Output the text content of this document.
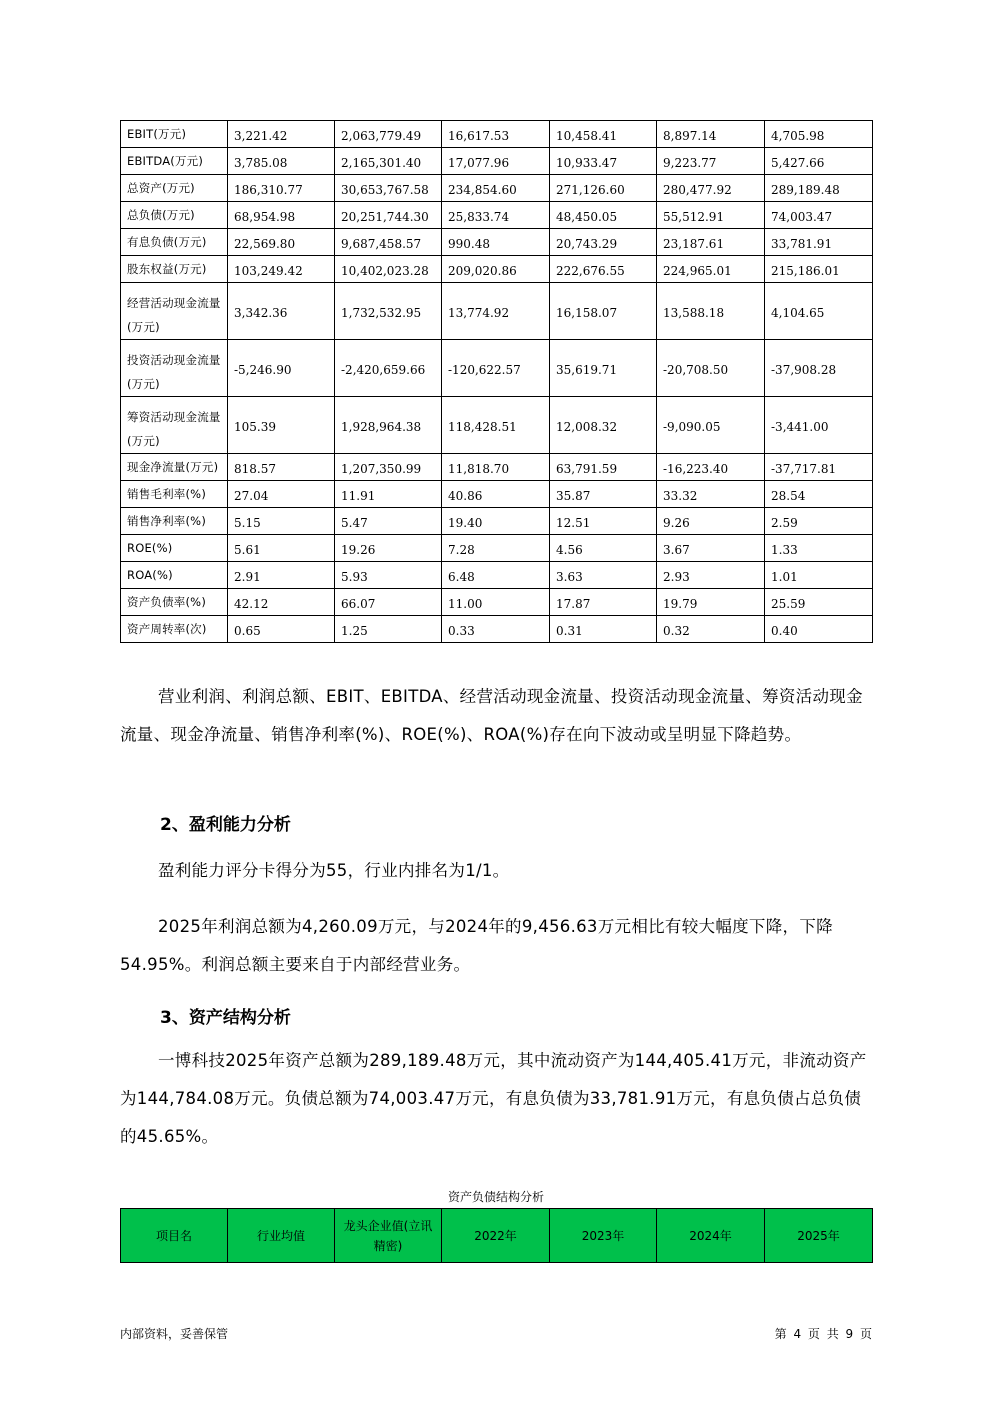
EBIT(万元)	3,221.42	2,063,779.49	16,617.53	10,458.41	8,897.14	4,705.98
EBITDA(万元)	3,785.08	2,165,301.40	17,077.96	10,933.47	9,223.77	5,427.66
总资产(万元)	186,310.77	30,653,767.58	234,854.60	271,126.60	280,477.92	289,189.48
总负债(万元)	68,954.98	20,251,744.30	25,833.74	48,450.05	55,512.91	74,003.47
有息负债(万元)	22,569.80	9,687,458.57	990.48	20,743.29	23,187.61	33,781.91
股东权益(万元)	103,249.42	10,402,023.28	209,020.86	222,676.55	224,965.01	215,186.01
经营活动现金流量(万元)	3,342.36	1,732,532.95	13,774.92	16,158.07	13,588.18	4,104.65
投资活动现金流量(万元)	-5,246.90	-2,420,659.66	-120,622.57	35,619.71	-20,708.50	-37,908.28
筹资活动现金流量(万元)	105.39	1,928,964.38	118,428.51	12,008.32	-9,090.05	-3,441.00
现金净流量(万元)	818.57	1,207,350.99	11,818.70	63,791.59	-16,223.40	-37,717.81
销售毛利率(%)	27.04	11.91	40.86	35.87	33.32	28.54
销售净利率(%)	5.15	5.47	19.40	12.51	9.26	2.59
ROE(%)	5.61	19.26	7.28	4.56	3.67	1.33
ROA(%)	2.91	5.93	6.48	3.63	2.93	1.01
资产负债率(%)	42.12	66.07	11.00	17.87	19.79	25.59
资产周转率(次)	0.65	1.25	0.33	0.31	0.32	0.40
营业利润、利润总额、EBIT、EBITDA、经营活动现金流量、投资活动现金流量、筹资活动现金流量、现金净流量、销售净利率(%)、ROE(%)、ROA(%)存在向下波动或呈明显下降趋势。
2、盈利能力分析
盈利能力评分卡得分为55，行业内排名为1/1。
2025年利润总额为4,260.09万元，与2024年的9,456.63万元相比有较大幅度下降，下降54.95%。利润总额主要来自于内部经营业务。
3、资产结构分析
一博科技2025年资产总额为289,189.48万元，其中流动资产为144,405.41万元，非流动资产为144,784.08万元。负债总额为74,003.47万元，有息负债为33,781.91万元，有息负债占总负债的45.65%。
资产负债结构分析
项目名	行业均值	龙头企业值(立讯精密)	2022年	2023年	2024年	2025年
内部资料，妥善保管	第 4 页 共 9 页
